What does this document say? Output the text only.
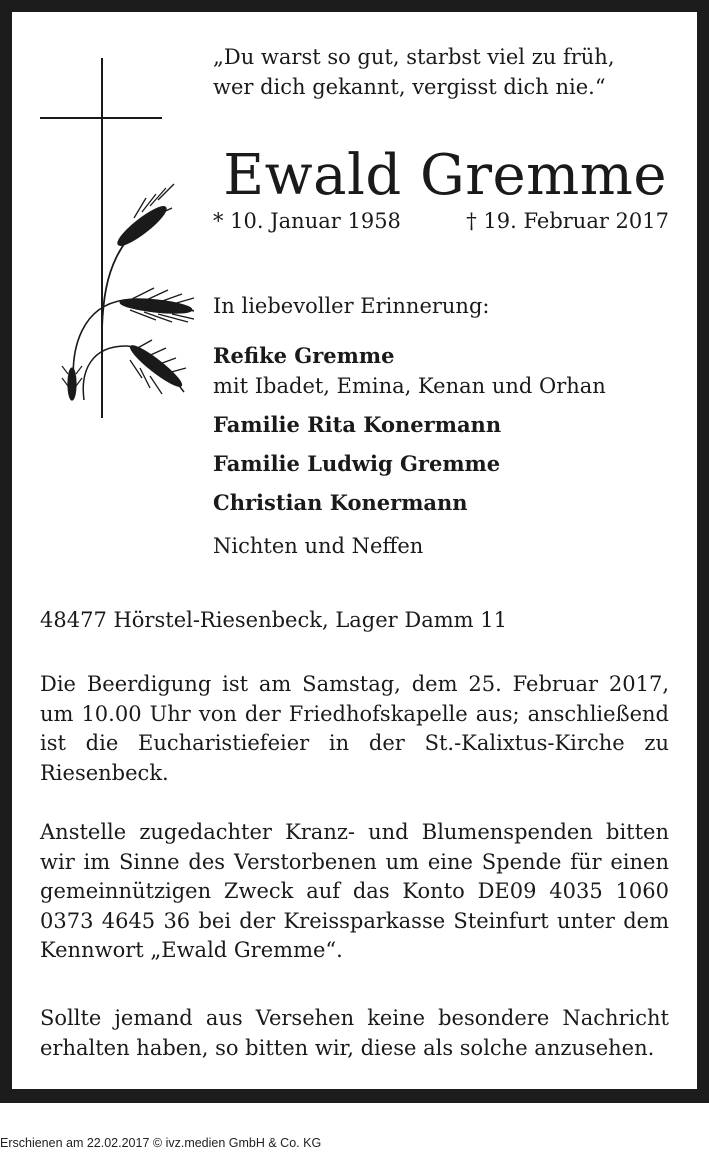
„Du warst so gut, starbst viel zu früh,
wer dich gekannt, vergisst dich nie.“
Ewald Gremme
* 10. Januar 1958	† 19. Februar 2017
In liebevoller Erinnerung:
Refike Gremme
mit Ibadet, Emina, Kenan und Orhan
Familie Rita Konermann
Familie Ludwig Gremme
Christian Konermann
Nichten und Neffen
48477 Hörstel-Riesenbeck, Lager Damm 11
Die Beerdigung ist am Samstag, dem 25. Februar 2017, um 10.00 Uhr von der Friedhofskapelle aus; anschließend ist die Eucharistiefeier in der St.-Kalixtus-Kirche zu Riesenbeck.
Anstelle zugedachter Kranz- und Blumenspenden bitten wir im Sinne des Verstorbenen um eine Spende für einen gemeinnützigen Zweck auf das Konto DE09 4035 1060 0373 4645 36 bei der Kreissparkasse Steinfurt unter dem Kennwort „Ewald Gremme“.
Sollte jemand aus Versehen keine besondere Nachricht erhalten haben, so bitten wir, diese als solche anzusehen.
Erschienen am 22.02.2017 © ivz.medien GmbH & Co. KG
